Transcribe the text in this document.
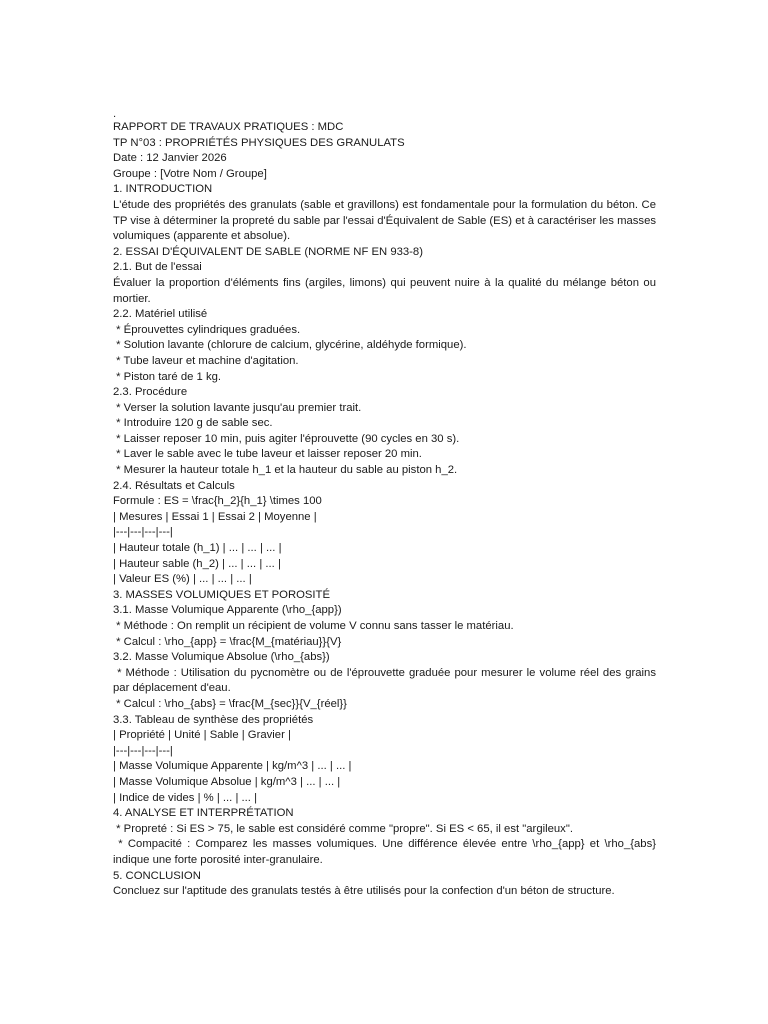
.
RAPPORT DE TRAVAUX PRATIQUES : MDC
TP N°03 : PROPRIÉTÉS PHYSIQUES DES GRANULATS
Date : 12 Janvier 2026
Groupe : [Votre Nom / Groupe]
1. INTRODUCTION
L'étude des propriétés des granulats (sable et gravillons) est fondamentale pour la formulation du béton. Ce TP vise à déterminer la propreté du sable par l'essai d'Équivalent de Sable (ES) et à caractériser les masses volumiques (apparente et absolue).
2. ESSAI D'ÉQUIVALENT DE SABLE (NORME NF EN 933-8)
2.1. But de l'essai
Évaluer la proportion d'éléments fins (argiles, limons) qui peuvent nuire à la qualité du mélange béton ou mortier.
2.2. Matériel utilisé
* Éprouvettes cylindriques graduées.
* Solution lavante (chlorure de calcium, glycérine, aldéhyde formique).
* Tube laveur et machine d'agitation.
* Piston taré de 1 kg.
2.3. Procédure
* Verser la solution lavante jusqu'au premier trait.
* Introduire 120 g de sable sec.
* Laisser reposer 10 min, puis agiter l'éprouvette (90 cycles en 30 s).
* Laver le sable avec le tube laveur et laisser reposer 20 min.
* Mesurer la hauteur totale h_1 et la hauteur du sable au piston h_2.
2.4. Résultats et Calculs
Formule : ES = \frac{h_2}{h_1} \times 100
| Mesures | Essai 1 | Essai 2 | Moyenne |
|---|---|---|---|
| Hauteur totale (h_1) | ... | ... | ... |
| Hauteur sable (h_2) | ... | ... | ... |
| Valeur ES (%) | ... | ... | ... |
3. MASSES VOLUMIQUES ET POROSITÉ
3.1. Masse Volumique Apparente (\rho_{app})
* Méthode : On remplit un récipient de volume V connu sans tasser le matériau.
* Calcul : \rho_{app} = \frac{M_{matériau}}{V}
3.2. Masse Volumique Absolue (\rho_{abs})
* Méthode : Utilisation du pycnomètre ou de l'éprouvette graduée pour mesurer le volume réel des grains par déplacement d'eau.
* Calcul : \rho_{abs} = \frac{M_{sec}}{V_{réel}}
3.3. Tableau de synthèse des propriétés
| Propriété | Unité | Sable | Gravier |
|---|---|---|---|
| Masse Volumique Apparente | kg/m^3 | ... | ... |
| Masse Volumique Absolue | kg/m^3 | ... | ... |
| Indice de vides | % | ... | ... |
4. ANALYSE ET INTERPRÉTATION
* Propreté : Si ES > 75, le sable est considéré comme "propre". Si ES < 65, il est "argileux".
* Compacité : Comparez les masses volumiques. Une différence élevée entre \rho_{app} et \rho_{abs} indique une forte porosité inter-granulaire.
5. CONCLUSION
Concluez sur l'aptitude des granulats testés à être utilisés pour la confection d'un béton de structure.
